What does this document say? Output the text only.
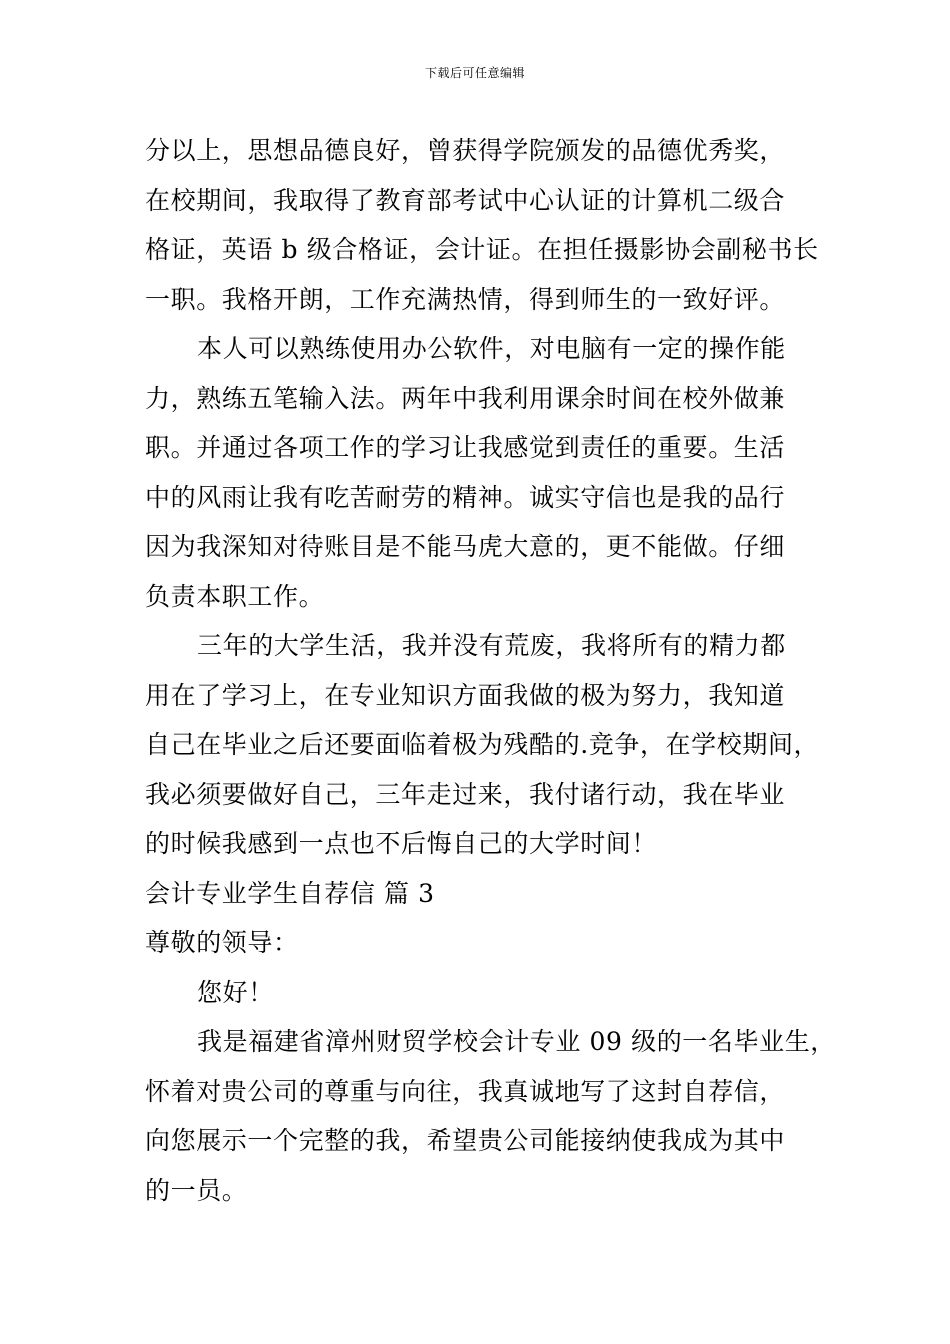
下载后可任意编辑
分以上，思想品德良好，曾获得学院颁发的品德优秀奖，
在校期间，我取得了教育部考试中心认证的计算机二级合
格证，英语 b 级合格证，会计证。在担任摄影协会副秘书长
一职。我格开朗，工作充满热情，得到师生的一致好评。
本人可以熟练使用办公软件，对电脑有一定的操作能
力，熟练五笔输入法。两年中我利用课余时间在校外做兼
职。并通过各项工作的学习让我感觉到责任的重要。生活
中的风雨让我有吃苦耐劳的精神。诚实守信也是我的品行
因为我深知对待账目是不能马虎大意的，更不能做。仔细
负责本职工作。
三年的大学生活，我并没有荒废，我将所有的精力都
用在了学习上，在专业知识方面我做的极为努力，我知道
自己在毕业之后还要面临着极为残酷的.竞争，在学校期间，
我必须要做好自己，三年走过来，我付诸行动，我在毕业
的时候我感到一点也不后悔自己的大学时间！
会计专业学生自荐信 篇 3
尊敬的领导：
您好！
我是福建省漳州财贸学校会计专业 09 级的一名毕业生，
怀着对贵公司的尊重与向往，我真诚地写了这封自荐信，
向您展示一个完整的我，希望贵公司能接纳使我成为其中
的一员。
